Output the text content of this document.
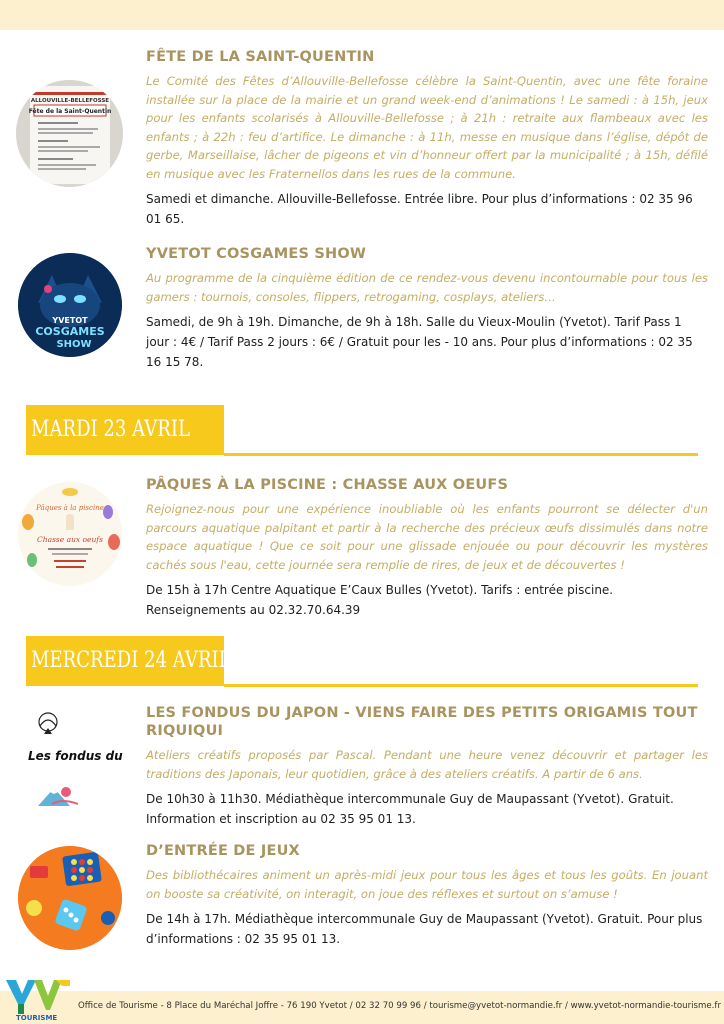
ALLOUVILLE-BELLEFOSSE
Fête de la Saint-Quentin
FÊTE DE LA SAINT-QUENTIN
Le Comité des Fêtes d’Allouville-Bellefosse célèbre la Saint-Quentin, avec une fête foraine installée sur la place de la mairie et un grand week-end d’animations ! Le samedi : à 15h, jeux pour les enfants scolarisés à Allouville-Bellefosse ; à 21h : retraite aux flambeaux avec les enfants ; à 22h : feu d’artifice. Le dimanche : à 11h, messe en musique dans l’église, dépôt de gerbe, Marseillaise, lâcher de pigeons et vin d’honneur offert par la municipalité ; à 15h, défilé en musique avec les Fraternellos dans les rues de la commune.
Samedi et dimanche. Allouville-Bellefosse. Entrée libre. Pour plus d’informations : 02 35 96 01 65.
YVETOT
COSGAMES
SHOW
YVETOT COSGAMES SHOW
Au programme de la cinquième édition de ce rendez-vous devenu incontournable pour tous les gamers : tournois, consoles, flippers, retrogaming, cosplays, ateliers…
Samedi, de 9h à 19h. Dimanche, de 9h à 18h. Salle du Vieux-Moulin (Yvetot). Tarif Pass 1 jour : 4€ / Tarif Pass 2 jours : 6€ / Gratuit pour les - 10 ans. Pour plus d’informations : 02 35 16 15 78.
MARDI 23 AVRIL
Pâques à la piscine
Chasse aux oeufs
PÂQUES À LA PISCINE : CHASSE AUX OEUFS
Rejoignez-nous pour une expérience inoubliable où les enfants pourront se délecter d'un parcours aquatique palpitant et partir à la recherche des précieux œufs dissimulés dans notre espace aquatique ! Que ce soit pour une glissade enjouée ou pour découvrir les mystères cachés sous l'eau, cette journée sera remplie de rires, de jeux et de découvertes !
De 15h à 17h Centre Aquatique E’Caux Bulles (Yvetot). Tarifs : entrée piscine. Renseignements au 02.32.70.64.39
MERCREDI 24 AVRIL
Les fondus du
LES FONDUS DU JAPON - VIENS FAIRE DES PETITS ORIGAMIS TOUT RIQUIQUI
Ateliers créatifs proposés par Pascal. Pendant une heure venez découvrir et partager les traditions des Japonais, leur quotidien, grâce à des ateliers créatifs. A partir de 6 ans.
De 10h30 à 11h30. Médiathèque intercommunale Guy de Maupassant (Yvetot). Gratuit. Information et inscription au 02 35 95 01 13.
D’ENTRÉE DE JEUX
Des bibliothécaires animent un après-midi jeux pour tous les âges et tous les goûts. En jouant on booste sa créativité, on interagit, on joue des réflexes et surtout on s’amuse !
De 14h à 17h. Médiathèque intercommunale Guy de Maupassant (Yvetot). Gratuit. Pour plus d’informations : 02 35 95 01 13.
TOURISME
Office de Tourisme - 8 Place du Maréchal Joffre - 76 190 Yvetot / 02 32 70 99 96 / tourisme@yvetot-normandie.fr / www.yvetot-normandie-tourisme.fr
